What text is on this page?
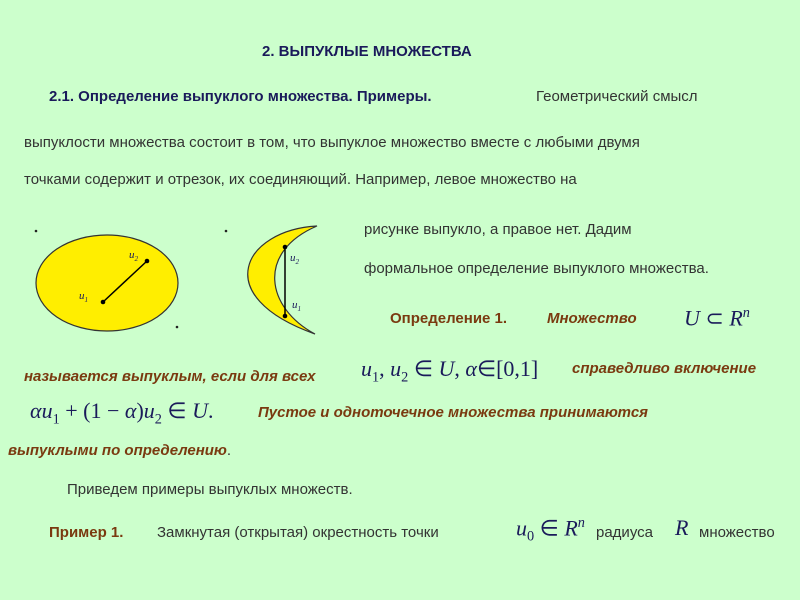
2. ВЫПУКЛЫЕ МНОЖЕСТВА
2.1. Определение выпуклого множества. Примеры.	Геометрический смысл
выпуклости множества состоит в том, что выпуклое множество вместе с любыми двумя
точками содержит и отрезок, их соединяющий. Например, левое множество на
$u_2$
$u_1$
$u_2$
$u_1$
рисунке выпукло, а правое нет. Дадим
формальное определение выпуклого множества.
Определение 1.	Множество U ⊂ $R^n$
называется выпуклым, если для всех $u_1$, $u_2$ ∈ U, α∈[0,1] справедливо включение
$\alpha u_1 + (1 - \alpha)u_2$ ∈ U.	Пустое и одноточечное множества принимаются
выпуклыми по определению.
Приведем примеры выпуклых множеств.
Пример 1. Замкнутая (открытая) окрестность точки	$u_0$ ∈ $R^n$
радиуса R множество
